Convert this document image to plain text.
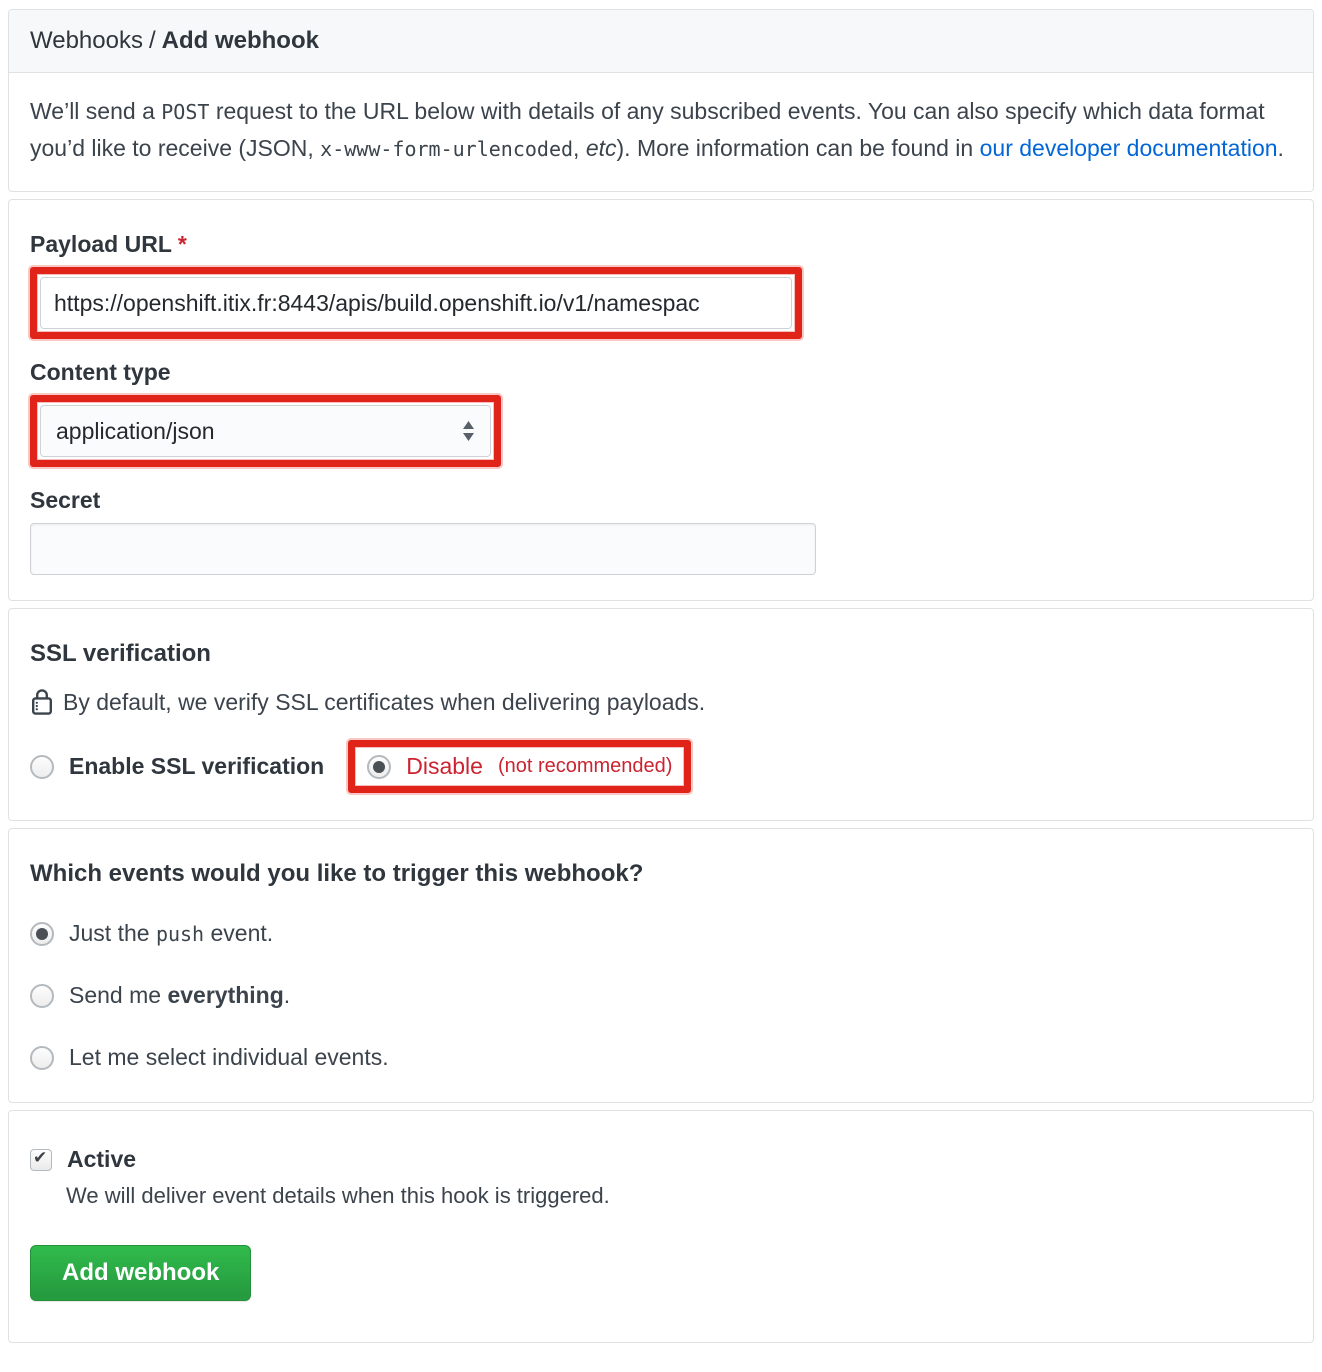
Webhooks / Add webhook
We’ll send a POST request to the URL below with details of any subscribed events. You can also specify which data format you’d like to receive (JSON, x-www-form-urlencoded, etc). More information can be found in our developer documentation.
Payload URL *
https://openshift.itix.fr:8443/apis/build.openshift.io/v1/namespac
Content type
application/json
Secret
SSL verification
By default, we verify SSL certificates when delivering payloads.
Enable SSL verification	Disable (not recommended)
Which events would you like to trigger this webhook?
Just the push event.
Send me everything.
Let me select individual events.
✔
Active

We will deliver event details when this hook is triggered.

Add webhook
